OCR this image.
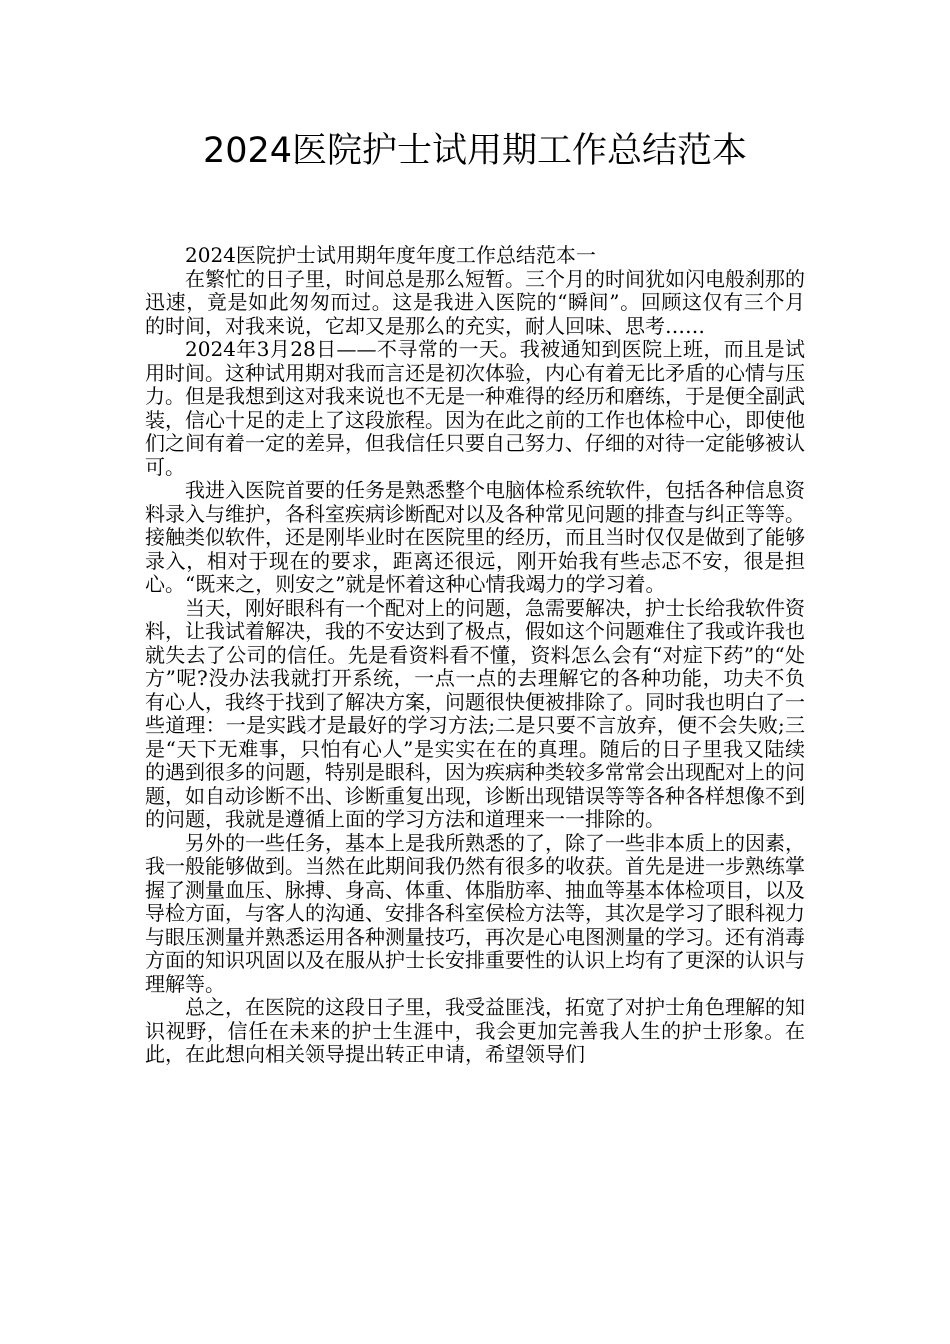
2024医院护士试用期工作总结范本

2024医院护士试用期年度年度工作总结范本一

在繁忙的日子里，时间总是那么短暂。三个月的时间犹如闪电般刹那的迅速，竟是如此匆匆而过。这是我进入医院的“瞬间”。回顾这仅有三个月的时间，对我来说，它却又是那么的充实，耐人回味、思考……

2024年3月28日——不寻常的一天。我被通知到医院上班，而且是试用时间。这种试用期对我而言还是初次体验，内心有着无比矛盾的心情与压力。但是我想到这对我来说也不无是一种难得的经历和磨练，于是便全副武装，信心十足的走上了这段旅程。因为在此之前的工作也体检中心，即使他们之间有着一定的差异，但我信任只要自己努力、仔细的对待一定能够被认可。

我进入医院首要的任务是熟悉整个电脑体检系统软件，包括各种信息资料录入与维护，各科室疾病诊断配对以及各种常见问题的排查与纠正等等。接触类似软件，还是刚毕业时在医院里的经历，而且当时仅仅是做到了能够录入，相对于现在的要求，距离还很远，刚开始我有些忐忑不安，很是担心。“既来之，则安之”就是怀着这种心情我竭力的学习着。

当天，刚好眼科有一个配对上的问题，急需要解决，护士长给我软件资料，让我试着解决，我的不安达到了极点，假如这个问题难住了我或许我也就失去了公司的信任。先是看资料看不懂，资料怎么会有“对症下药”的“处方”呢?没办法我就打开系统，一点一点的去理解它的各种功能，功夫不负有心人，我终于找到了解决方案，问题很快便被排除了。同时我也明白了一些道理：一是实践才是最好的学习方法;二是只要不言放弃，便不会失败;三是“天下无难事，只怕有心人”是实实在在的真理。随后的日子里我又陆续的遇到很多的问题，特别是眼科，因为疾病种类较多常常会出现配对上的问题，如自动诊断不出、诊断重复出现，诊断出现错误等等各种各样想像不到的问题，我就是遵循上面的学习方法和道理来一一排除的。

另外的一些任务，基本上是我所熟悉的了，除了一些非本质上的因素，我一般能够做到。当然在此期间我仍然有很多的收获。首先是进一步熟练掌握了测量血压、脉搏、身高、体重、体脂肪率、抽血等基本体检项目，以及导检方面，与客人的沟通、安排各科室侯检方法等，其次是学习了眼科视力与眼压测量并熟悉运用各种测量技巧，再次是心电图测量的学习。还有消毒方面的知识巩固以及在服从护士长安排重要性的认识上均有了更深的认识与理解等。

总之，在医院的这段日子里，我受益匪浅，拓宽了对护士角色理解的知识视野，信任在未来的护士生涯中，我会更加完善我人生的护士形象。在此，在此想向相关领导提出转正申请，希望领导们
